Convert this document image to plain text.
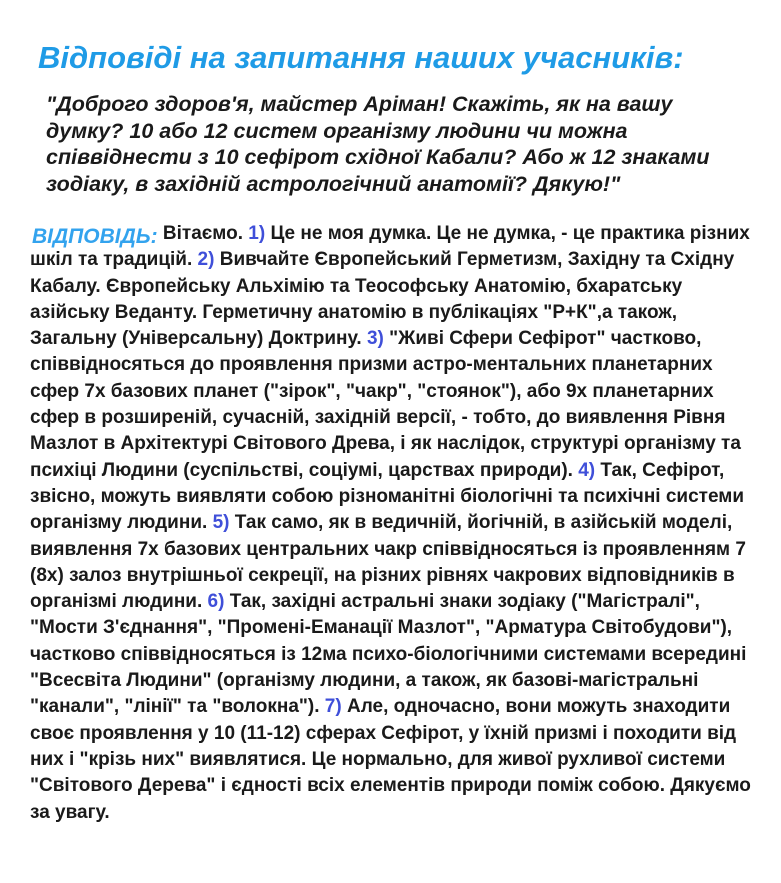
Відповіді на запитання наших учасників:
"Доброго здоров'я, майстер Аріман! Скажіть, як на вашу думку? 10 або 12 систем організму людини чи можна співвіднести з 10 сефірот східної Кабали? Або ж 12 знаками зодіаку, в західній астрологічний анатомії? Дякую!"
ВІДПОВІДЬ: Вітаємо. 1) Це не моя думка. Це не думка, - це практика різних шкіл та традицій. 2) Вивчайте Європейський Герметизм, Західну та Східну Кабалу. Європейську Альхімію та Теософську Анатомію, бхаратську азійську Веданту. Герметичну анатомію в публікаціях "Р+К",а також, Загальну (Універсальну) Доктрину. 3) "Живі Сфери Сефірот" частково, співвідносяться до проявлення призми астро-ментальних планетарних сфер 7х базових планет ("зірок", "чакр", "стоянок"), або 9х планетарних сфер в розширеній, сучасній, західній версії, - тобто, до виявлення Рівня Мазлот в Архітектурі Світового Древа, і як наслідок, структурі організму та психіці Людини (суспільстві, соціумі, царствах природи). 4) Так, Сефірот, звісно, можуть виявляти собою різноманітні біологічні та психічні системи організму людини. 5) Так само, як в ведичній, йогічній, в азійській моделі, виявлення 7х базових центральних чакр співвідносяться із проявленням 7 (8х) залоз внутрішньої секреції, на різних рівнях чакрових відповідників в організмі людини. 6) Так, західні астральні знаки зодіаку ("Магістралі", "Мости З'єднання", "Промені-Еманації Мазлот", "Арматура Світобудови"), частково співвідносяться із 12ма психо-біологічними системами всередині "Всесвіта Людини" (організму людини, а також, як базові-магістральні "канали", "лінії" та "волокна"). 7) Але, одночасно, вони можуть знаходити своє проявлення у 10 (11-12) сферах Сефірот, у їхній призмі і походити від них і "крізь них" виявлятися. Це нормально, для живої рухливої системи "Світового Дерева" і єдності всіх елементів природи поміж собою. Дякуємо за увагу.
